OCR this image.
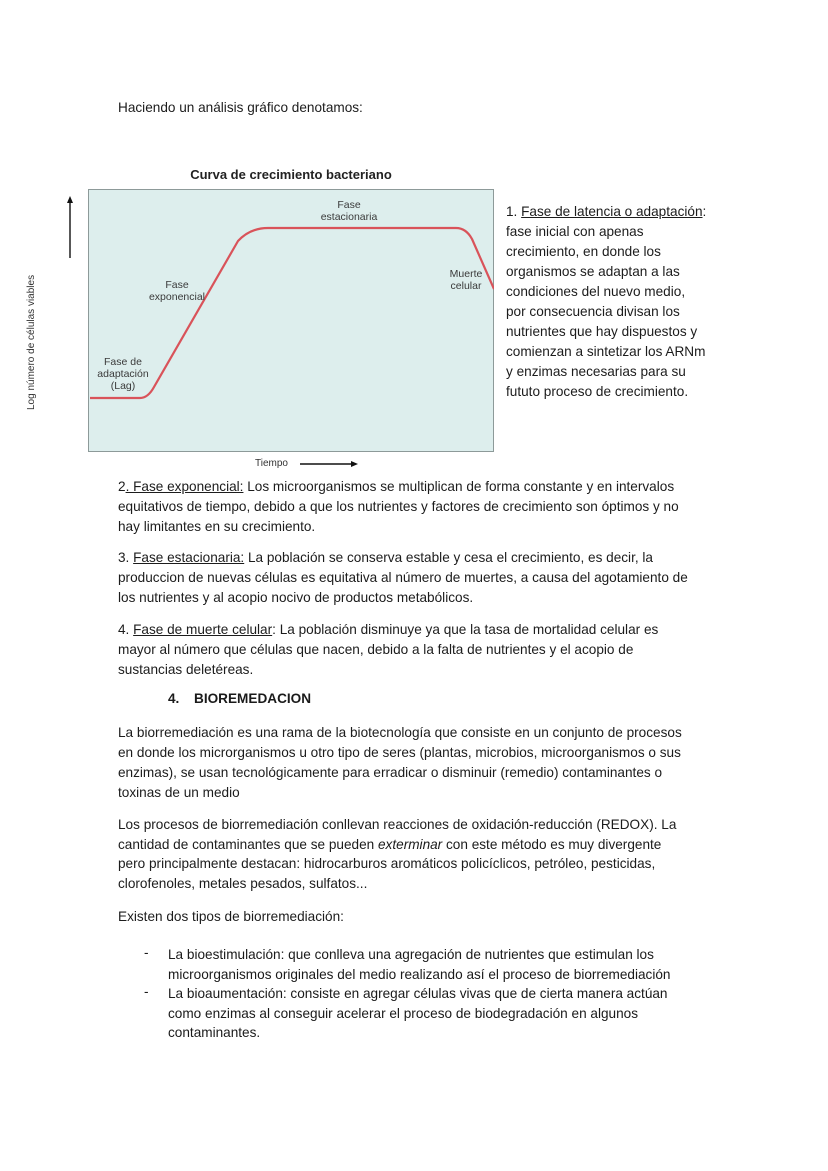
Haciendo un análisis gráfico denotamos:
Curva de crecimiento bacteriano
Fase de
adaptación
(Lag)
Fase
exponencial
Fase
estacionaria
Muerte
celular
Log número de células viables
Tiempo
1. Fase de latencia o adaptación:
fase inicial con apenas
crecimiento, en donde los
organismos se adaptan a las
condiciones del nuevo medio,
por consecuencia divisan los
nutrientes que hay dispuestos y
comienzan a sintetizar los ARNm
y enzimas necesarias para su
fututo proceso de crecimiento.
2. Fase exponencial: Los microorganismos se multiplican de forma constante y en intervalos
equitativos de tiempo, debido a que los nutrientes y factores de crecimiento son óptimos y no
hay limitantes en su crecimiento.
3. Fase estacionaria: La población se conserva estable y cesa el crecimiento, es decir, la
produccion de nuevas células es equitativa al número de muertes, a causa del agotamiento de
los nutrientes y al acopio nocivo de productos metabólicos.
4. Fase de muerte celular: La población disminuye ya que la tasa de mortalidad celular es
mayor al número que células que nacen, debido a la falta de nutrientes y el acopio de
sustancias deletéreas.
4. BIOREMEDACION
La biorremediación es una rama de la biotecnología que consiste en un conjunto de procesos
en donde los microrganismos u otro tipo de seres (plantas, microbios, microorganismos o sus
enzimas), se usan tecnológicamente para erradicar o disminuir (remedio) contaminantes o
toxinas de un medio
Los procesos de biorremediación conllevan reacciones de oxidación-reducción (REDOX). La
cantidad de contaminantes que se pueden exterminar con este método es muy divergente
pero principalmente destacan: hidrocarburos aromáticos policíclicos, petróleo, pesticidas,
clorofenoles, metales pesados, sulfatos...
Existen dos tipos de biorremediación:
- La bioestimulación: que conlleva una agregación de nutrientes que estimulan los
microorganismos originales del medio realizando así el proceso de biorremediación
- La bioaumentación: consiste en agregar células vivas que de cierta manera actúan
como enzimas al conseguir acelerar el proceso de biodegradación en algunos
contaminantes.
